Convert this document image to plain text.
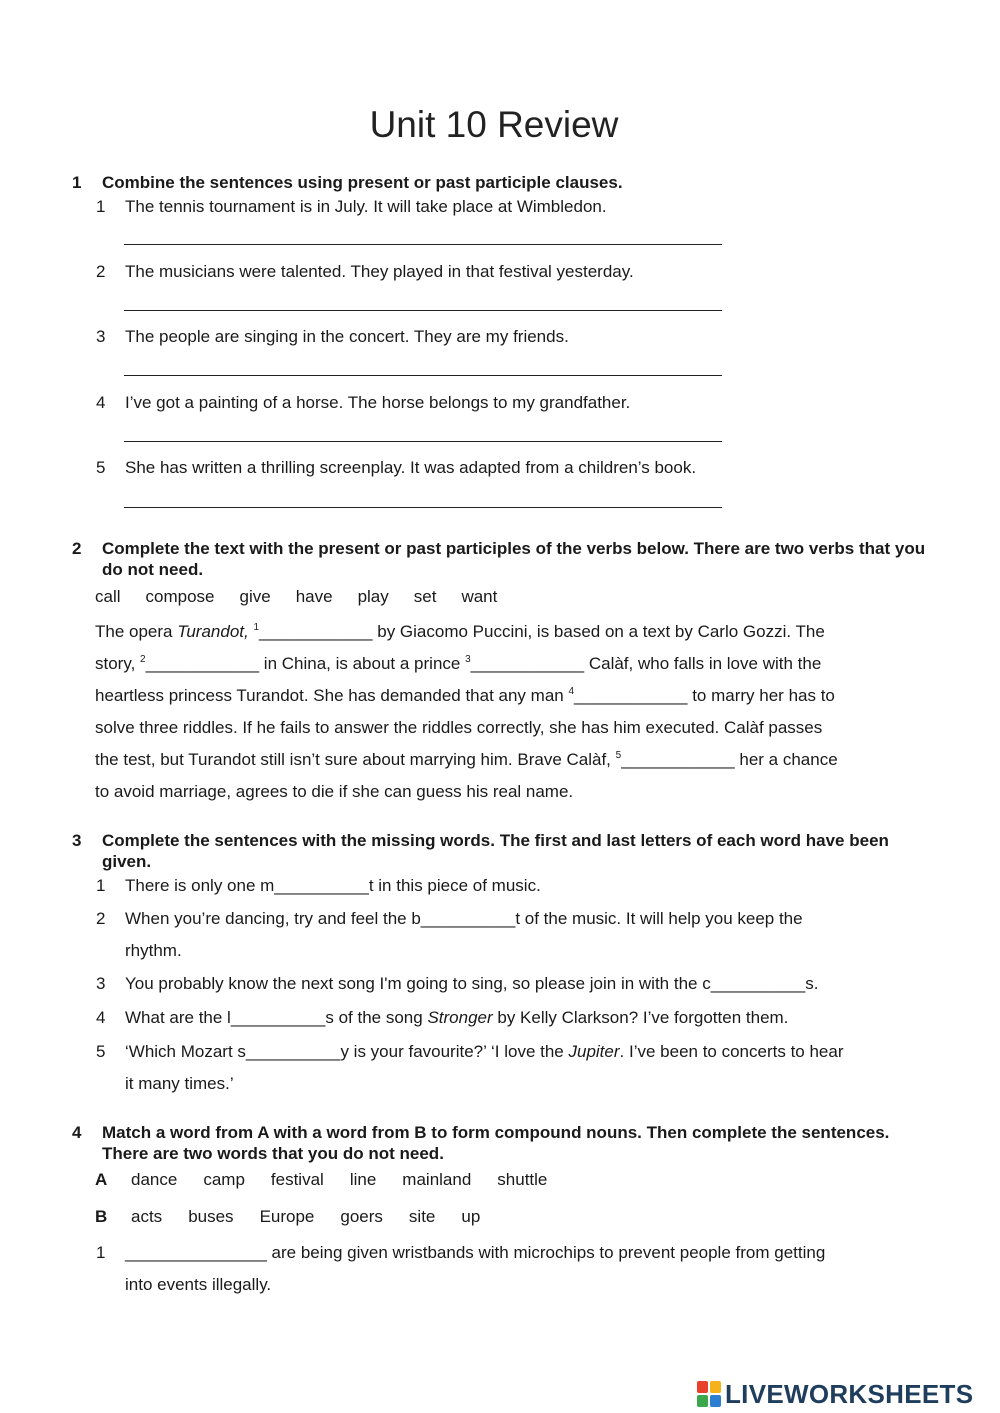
Unit 10 Review
1 Combine the sentences using present or past participle clauses.
1 The tennis tournament is in July. It will take place at Wimbledon.
2 The musicians were talented. They played in that festival yesterday.
3 The people are singing in the concert. They are my friends.
4 I’ve got a painting of a horse. The horse belongs to my grandfather.
5 She has written a thrilling screenplay. It was adapted from a children’s book.
2 Complete the text with the present or past participles of the verbs below. There are two verbs that you do not need.
call compose give have play set want
The opera Turandot, $^1$____________ by Giacomo Puccini, is based on a text by Carlo Gozzi. The
story, $^2$____________ in China, is about a prince $^3$____________ Calàf, who falls in love with the
heartless princess Turandot. She has demanded that any man $^4$____________ to marry her has to
solve three riddles. If he fails to answer the riddles correctly, she has him executed. Calàf passes
the test, but Turandot still isn’t sure about marrying him. Brave Calàf, $^5$____________ her a chance
to avoid marriage, agrees to die if she can guess his real name.
3 Complete the sentences with the missing words. The first and last letters of each word have been given.
1 There is only one m__________t in this piece of music.
2 When you’re dancing, try and feel the b__________t of the music. It will help you keep the
rhythm.
3 You probably know the next song I'm going to sing, so please join in with the c__________s.
4 What are the l__________s of the song Stronger by Kelly Clarkson? I’ve forgotten them.
5 ‘Which Mozart s__________y is your favourite?’ ‘I love the Jupiter. I’ve been to concerts to hear
it many times.’
4 Match a word from A with a word from B to form compound nouns. Then complete the sentences. There are two words that you do not need.
A dance camp festival line mainland shuttle
B acts buses Europe goers site up
1 _______________ are being given wristbands with microchips to prevent people from getting
into events illegally.
LIVEWORKSHEETS
